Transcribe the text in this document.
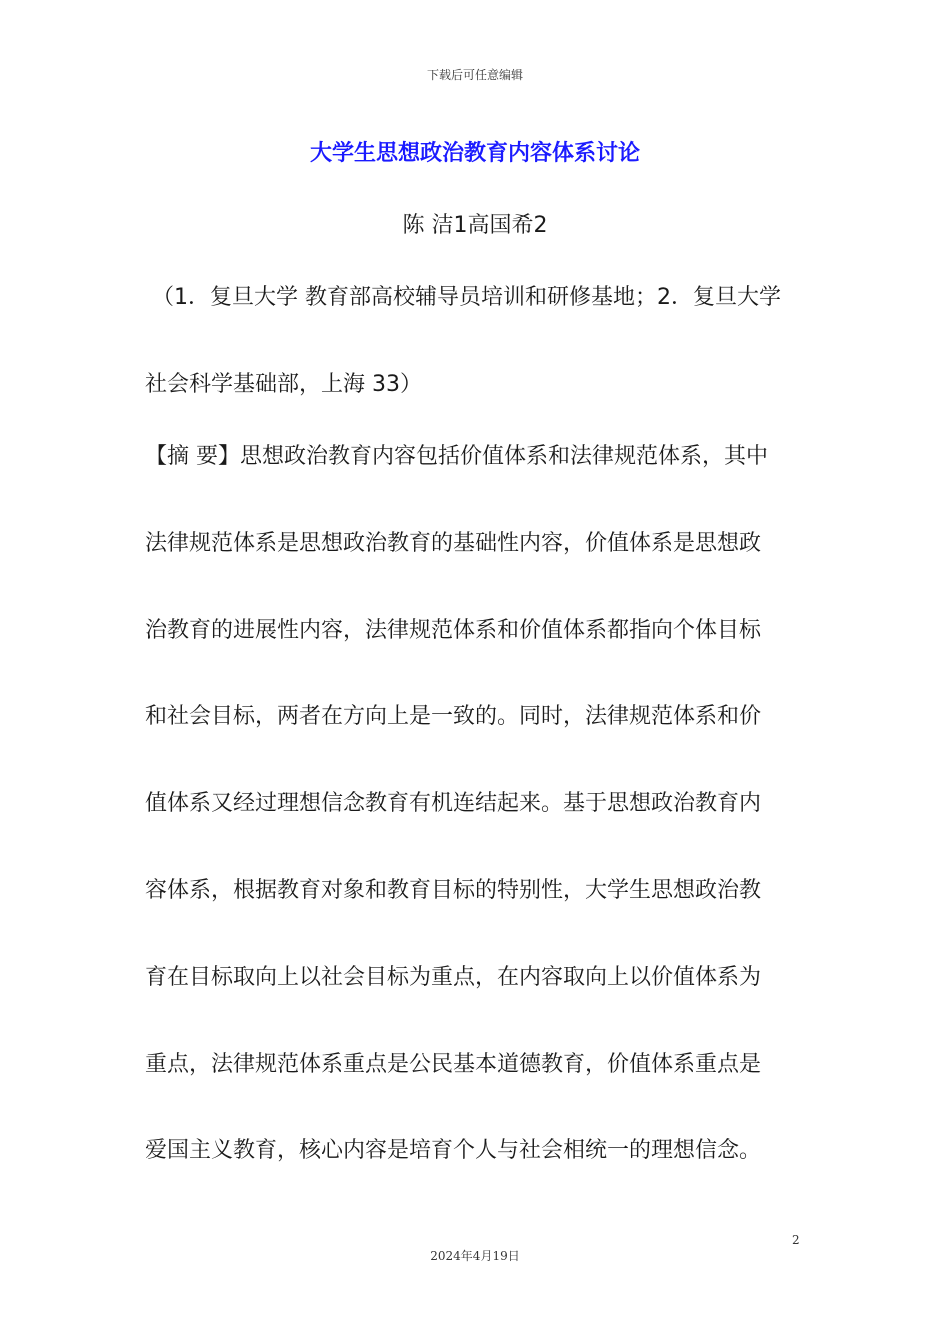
下载后可任意编辑
大学生思想政治教育内容体系讨论
陈 洁1高国希2
（1．复旦大学 教育部高校辅导员培训和研修基地；2．复旦大学
社会科学基础部，上海 33）
【摘 要】思想政治教育内容包括价值体系和法律规范体系，其中
法律规范体系是思想政治教育的基础性内容，价值体系是思想政
治教育的进展性内容，法律规范体系和价值体系都指向个体目标
和社会目标，两者在方向上是一致的。同时，法律规范体系和价
值体系又经过理想信念教育有机连结起来。基于思想政治教育内
容体系，根据教育对象和教育目标的特别性，大学生思想政治教
育在目标取向上以社会目标为重点，在内容取向上以价值体系为
重点，法律规范体系重点是公民基本道德教育，价值体系重点是
爱国主义教育，核心内容是培育个人与社会相统一的理想信念。
2
2024年4月19日
